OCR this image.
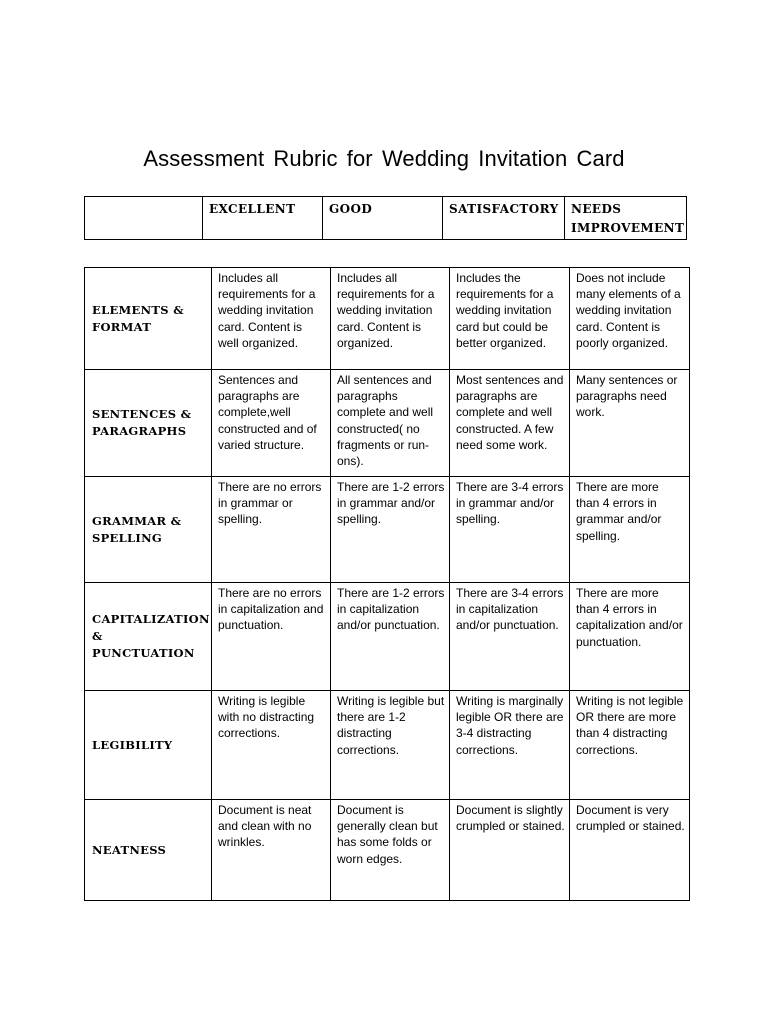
Assessment Rubric for Wedding Invitation Card
	EXCELLENT	GOOD	SATISFACTORY	NEEDS IMPROVEMENT
ELEMENTS & FORMAT	Includes all requirements for a wedding invitation card. Content is well organized.	Includes all requirements for a wedding invitation card. Content is organized.	Includes the requirements for a wedding invitation card but could be better organized.	Does not include many elements of a wedding invitation card. Content is poorly organized.
SENTENCES & PARAGRAPHS	Sentences and paragraphs are complete,well constructed and of varied structure.	All sentences and paragraphs complete and well constructed( no fragments or run- ons).	Most sentences and paragraphs are complete and well constructed. A few need some work.	Many sentences or paragraphs need work.
GRAMMAR & SPELLING	There are no errors in grammar or spelling.	There are 1-2 errors in grammar and/or spelling.	There are 3-4 errors in grammar and/or spelling.	There are more than 4 errors in grammar and/or spelling.
CAPITALIZATION & PUNCTUATION	There are no errors in capitalization and punctuation.	There are 1-2 errors in capitalization and/or punctuation.	There are 3-4 errors in capitalization and/or punctuation.	There are more than 4 errors in capitalization and/or punctuation.
LEGIBILITY	Writing is legible with no distracting corrections.	Writing is legible but there are 1-2 distracting corrections.	Writing is marginally legible OR there are 3-4 distracting corrections.	Writing is not legible OR there are more than 4 distracting corrections.
NEATNESS	Document is neat and clean with no wrinkles.	Document is generally clean but has some folds or worn edges.	Document is slightly crumpled or stained.	Document is very crumpled or stained.
